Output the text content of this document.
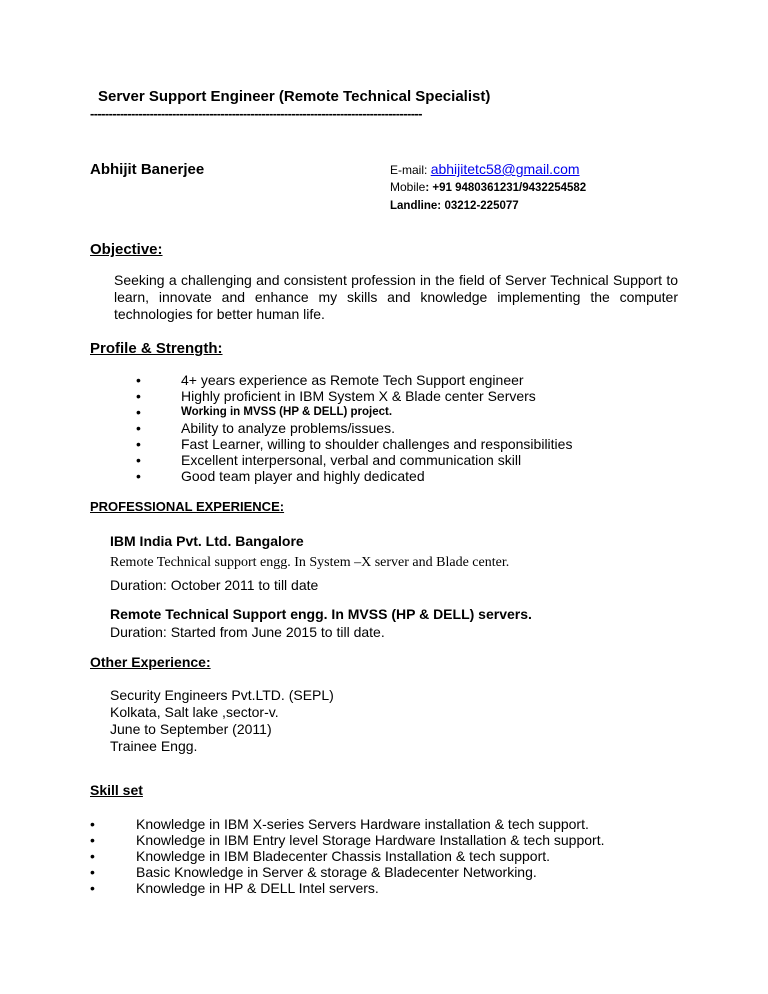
Server Support Engineer (Remote Technical Specialist)
-----------------------------------------------------------------------------------------
Abhijit Banerjee	E-mail: abhijitetc58@gmail.com
Mobile: +91 9480361231/9432254582
Landline: 03212-225077
Objective:
Seeking a challenging and consistent profession in the field of Server Technical Support to learn, innovate and enhance my skills and knowledge implementing the computer technologies for better human life.
Profile & Strength:
•	4+ years experience as Remote Tech Support engineer
•	Highly proficient in IBM System X & Blade center Servers
•	Working in MVSS (HP & DELL) project.
•	Ability to analyze problems/issues.
•	Fast Learner, willing to shoulder challenges and responsibilities
•	Excellent interpersonal, verbal and communication skill
•	Good team player and highly dedicated
PROFESSIONAL EXPERIENCE:
IBM India Pvt. Ltd. Bangalore
Remote Technical support engg. In System –X server and Blade center.
Duration: October 2011 to till date
Remote Technical Support engg. In MVSS (HP & DELL) servers.
Duration: Started from June 2015 to till date.
Other Experience:
Security Engineers Pvt.LTD. (SEPL)
Kolkata, Salt lake ,sector-v.
June to September (2011)
Trainee Engg.
Skill set
•	Knowledge in IBM X-series Servers Hardware installation & tech support.
•	Knowledge in IBM Entry level Storage Hardware Installation & tech support.
•	Knowledge in IBM Bladecenter Chassis Installation & tech support.
•	Basic Knowledge in Server & storage & Bladecenter Networking.
•	Knowledge in HP & DELL Intel servers.
